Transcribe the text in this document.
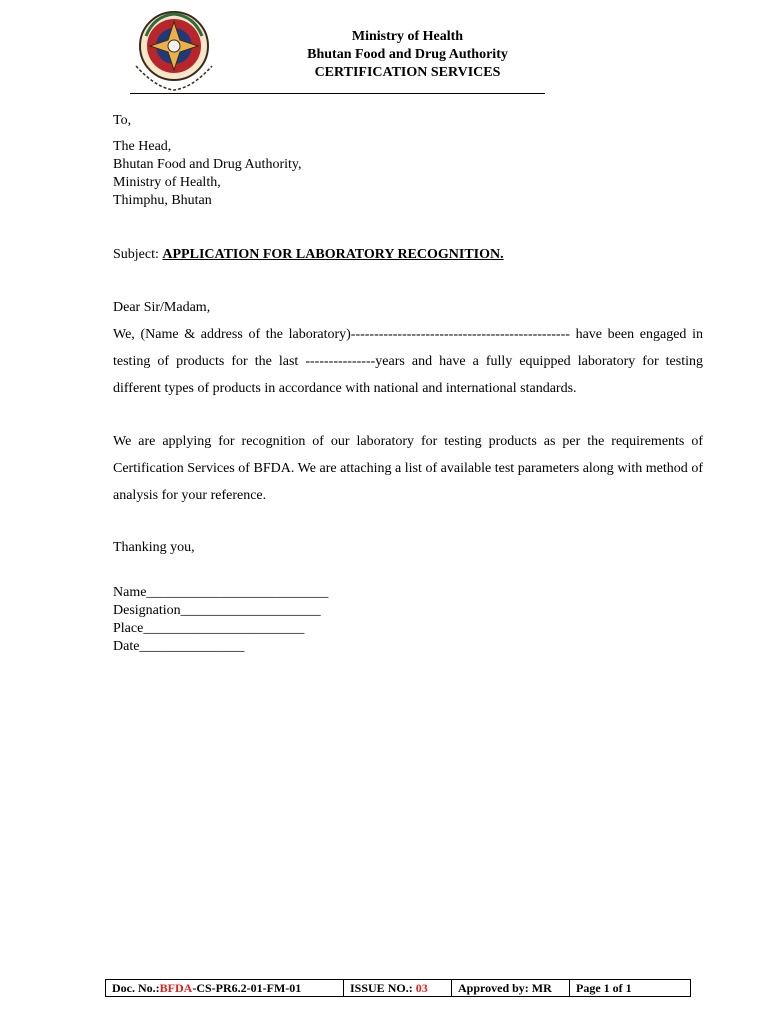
Ministry of Health
Bhutan Food and Drug Authority
CERTIFICATION SERVICES
To,
The Head,
Bhutan Food and Drug Authority,
Ministry of Health,
Thimphu, Bhutan
Subject: APPLICATION FOR LABORATORY RECOGNITION.
Dear Sir/Madam,
We, (Name & address of the laboratory)----------------------------------------------- have been engaged in testing of products for the last ---------------years and have a fully equipped laboratory for testing different types of products in accordance with national and international standards.
We are applying for recognition of our laboratory for testing products as per the requirements of Certification Services of BFDA. We are attaching a list of available test parameters along with method of analysis for your reference.
Thanking you,
Name__________________________
Designation____________________
Place_______________________
Date_______________
Doc. No.:BFDA-CS-PR6.2-01-FM-01	ISSUE NO.: 03	Approved by: MR	Page 1 of 1
